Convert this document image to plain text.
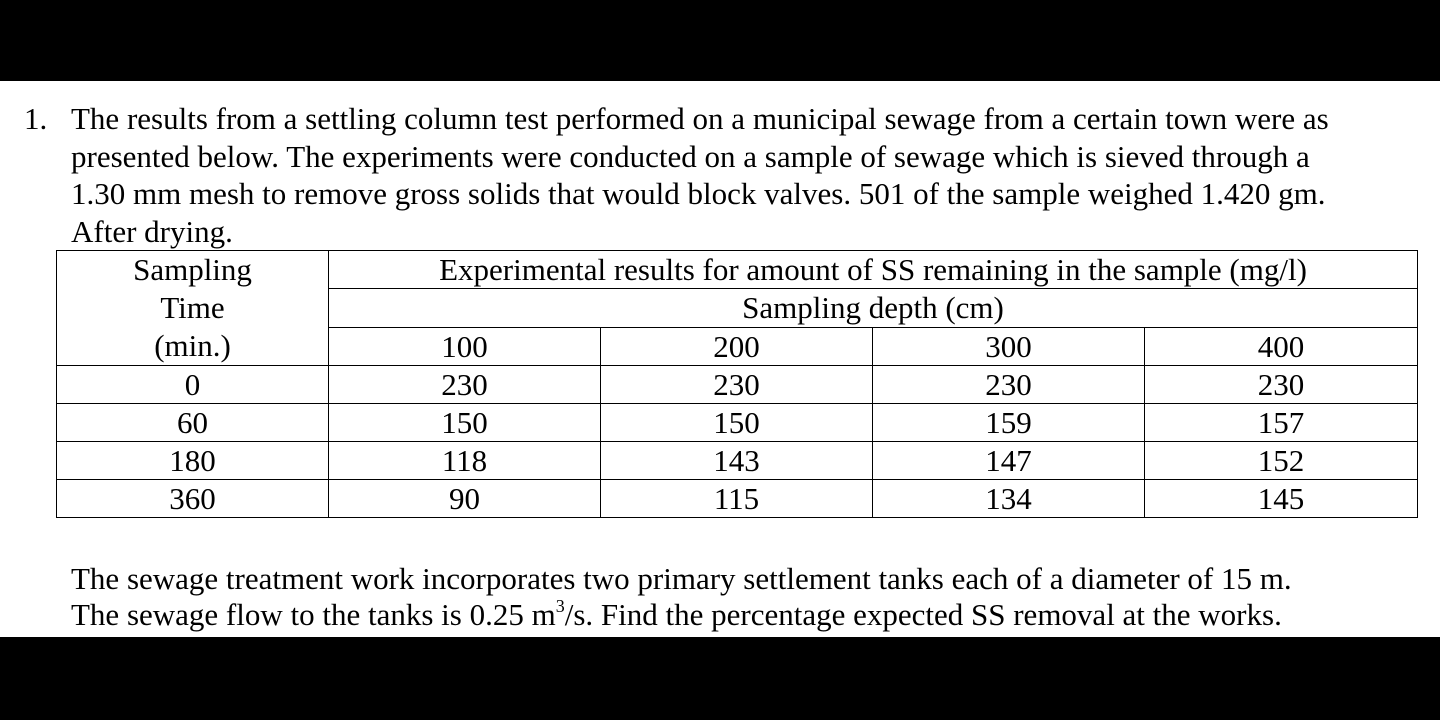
1. The results from a settling column test performed on a municipal sewage from a certain town were as
presented below. The experiments were conducted on a sample of sewage which is sieved through a
1.30 mm mesh to remove gross solids that would block valves. 501 of the sample weighed 1.420 gm.
After drying.
Sampling
Time
(min.)	Experimental results for amount of SS remaining in the sample (mg/l)			
	Sampling depth (cm)			
	100	200	300	400
0	230	230	230	230
60	150	150	159	157
180	118	143	147	152
360	90	115	134	145
The sewage treatment work incorporates two primary settlement tanks each of a diameter of 15 m.
The sewage flow to the tanks is 0.25 $m^3/s$. Find the percentage expected SS removal at the works.
